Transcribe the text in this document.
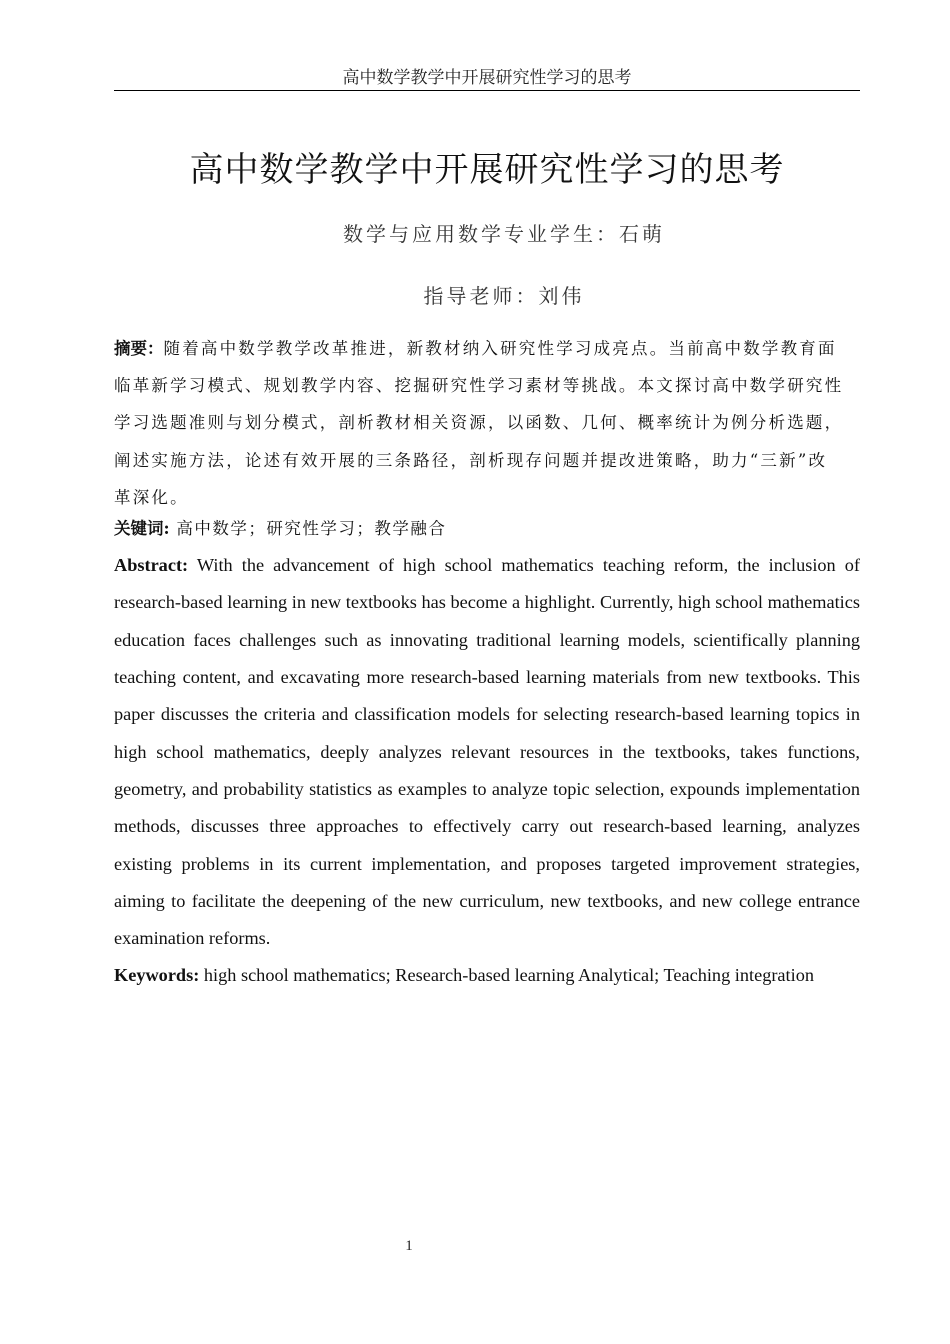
高中数学教学中开展研究性学习的思考
高中数学教学中开展研究性学习的思考
数学与应用数学专业学生：石萌
指导老师：刘伟

摘要：随着高中数学教学改革推进，新教材纳入研究性学习成亮点。当前高中数学教育面临革新学习模式、规划教学内容、挖掘研究性学习素材等挑战。本文探讨高中数学研究性学习选题准则与划分模式，剖析教材相关资源，以函数、几何、概率统计为例分析选题，阐述实施方法，论述有效开展的三条路径，剖析现存问题并提改进策略，助力“三新”改革深化。

关键词: 高中数学；研究性学习；教学融合

Abstract: With the advancement of high school mathematics teaching reform, the inclusion of research-based learning in new textbooks has become a highlight. Currently, high school mathematics education faces challenges such as innovating traditional learning models, scientifically planning teaching content, and excavating more research-based learning materials from new textbooks. This paper discusses the criteria and classification models for selecting research-based learning topics in high school mathematics, deeply analyzes relevant resources in the textbooks, takes functions, geometry, and probability statistics as examples to analyze topic selection, expounds implementation methods, discusses three approaches to effectively carry out research-based learning, analyzes existing problems in its current implementation, and proposes targeted improvement strategies, aiming to facilitate the deepening of the new curriculum, new textbooks, and new college entrance examination reforms.

Keywords: high school mathematics; Research-based learning Analytical; Teaching integration
1
